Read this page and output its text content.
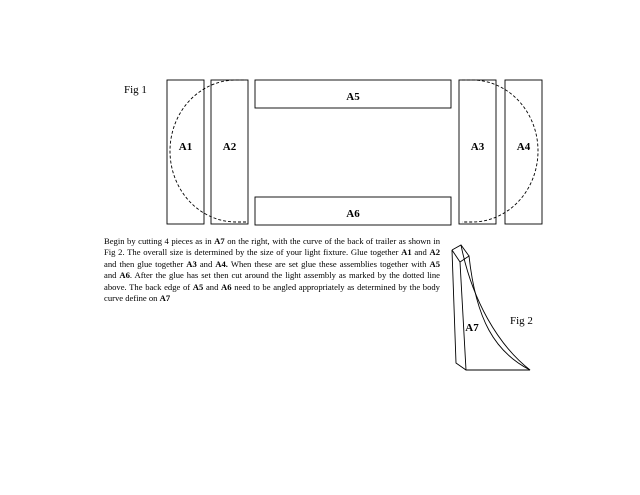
Fig 1
A1	A2
A5
A6
A3	A4
A7
Fig 2

Begin by cutting 4 pieces as in A7 on the right, with the curve of the back of trailer as shown in Fig 2. The overall size is determined by the size of your light fixture. Glue together A1 and A2 and then glue together A3 and A4. When these are set glue these assemblies together with A5 and A6. After the glue has set then cut around the light assembly as marked by the dotted line above. The back edge of A5 and A6 need to be angled appropriately as determined by the body curve define on A7
